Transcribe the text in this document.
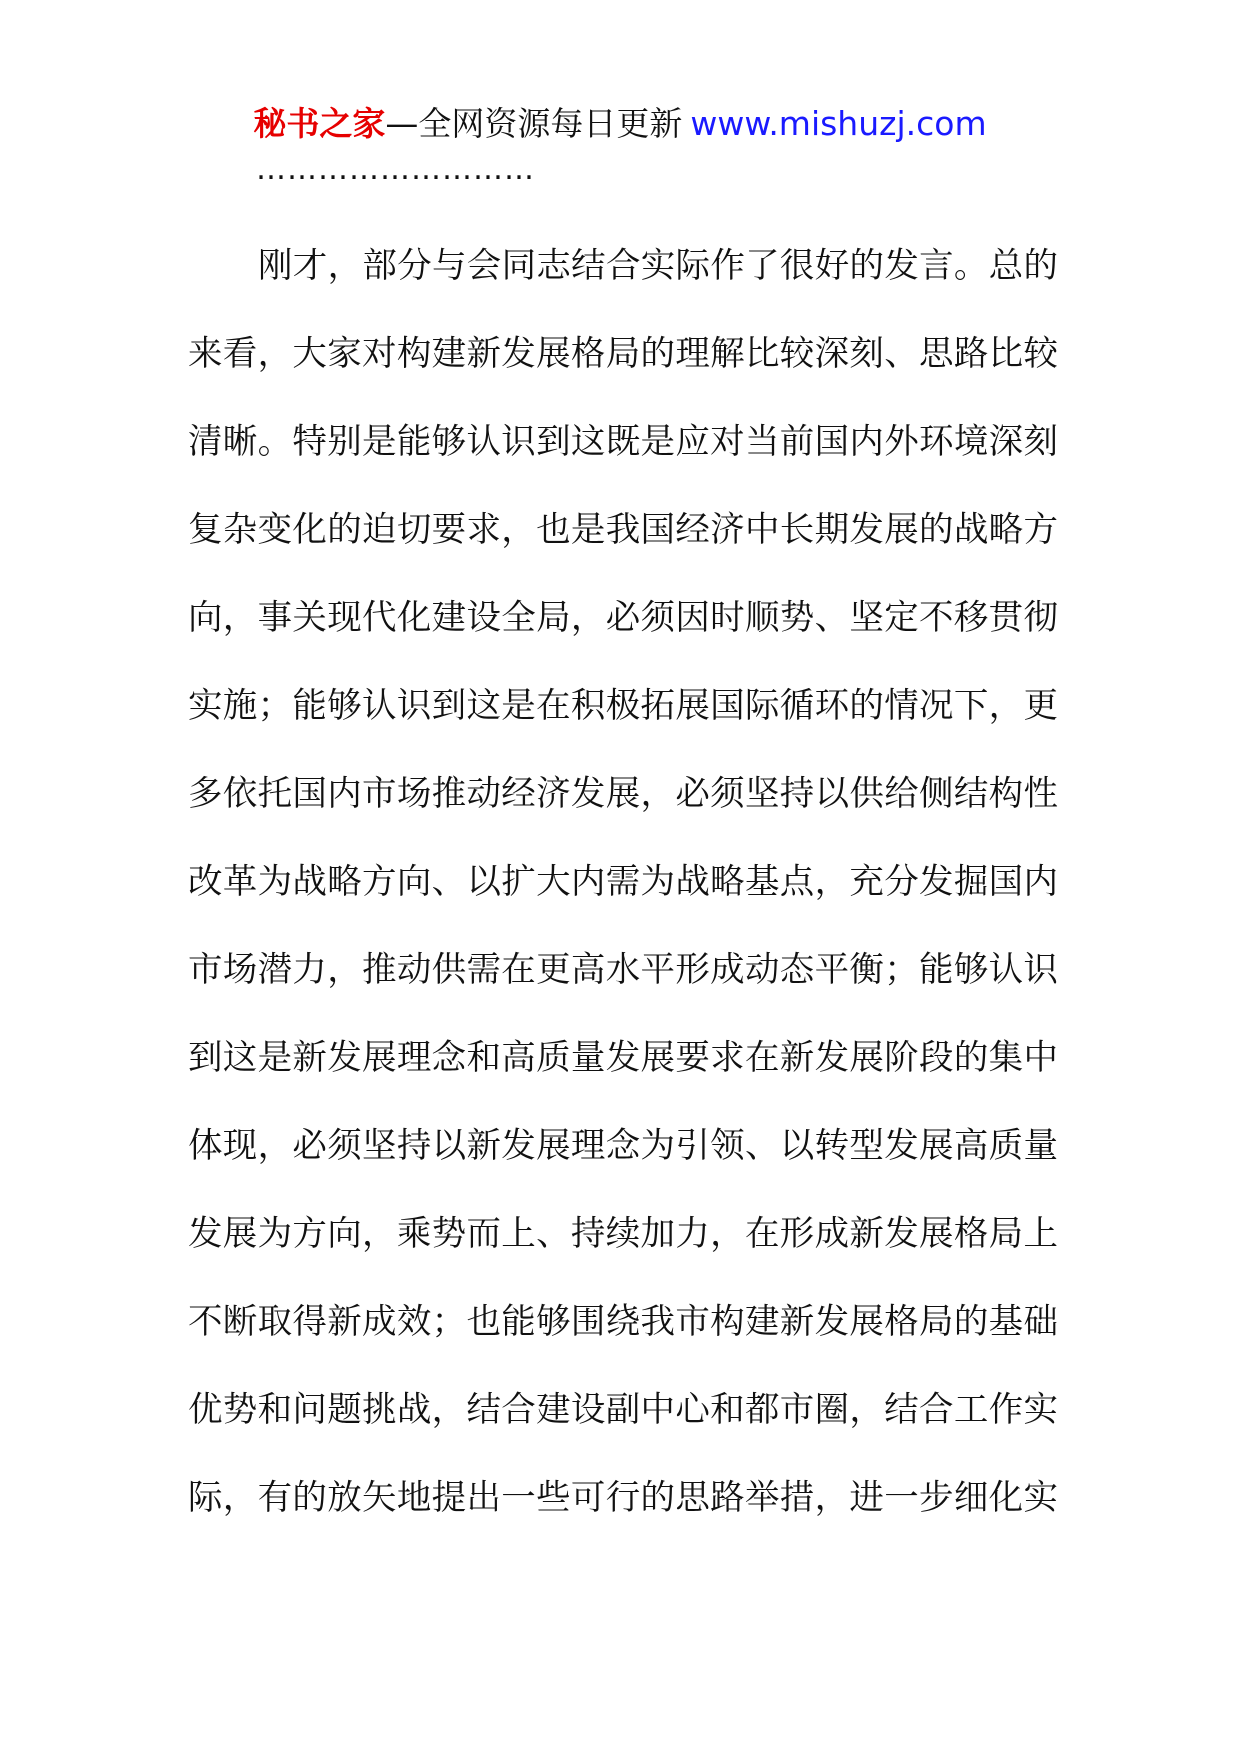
秘书之家—全网资源每日更新 www.mishuzj.com
………………………
刚才，部分与会同志结合实际作了很好的发言。总的
来看，大家对构建新发展格局的理解比较深刻、思路比较
清晰。特别是能够认识到这既是应对当前国内外环境深刻
复杂变化的迫切要求，也是我国经济中长期发展的战略方
向，事关现代化建设全局，必须因时顺势、坚定不移贯彻
实施；能够认识到这是在积极拓展国际循环的情况下，更
多依托国内市场推动经济发展，必须坚持以供给侧结构性
改革为战略方向、以扩大内需为战略基点，充分发掘国内
市场潜力，推动供需在更高水平形成动态平衡；能够认识
到这是新发展理念和高质量发展要求在新发展阶段的集中
体现，必须坚持以新发展理念为引领、以转型发展高质量
发展为方向，乘势而上、持续加力，在形成新发展格局上
不断取得新成效；也能够围绕我市构建新发展格局的基础
优势和问题挑战，结合建设副中心和都市圈，结合工作实
际，有的放矢地提出一些可行的思路举措，进一步细化实
